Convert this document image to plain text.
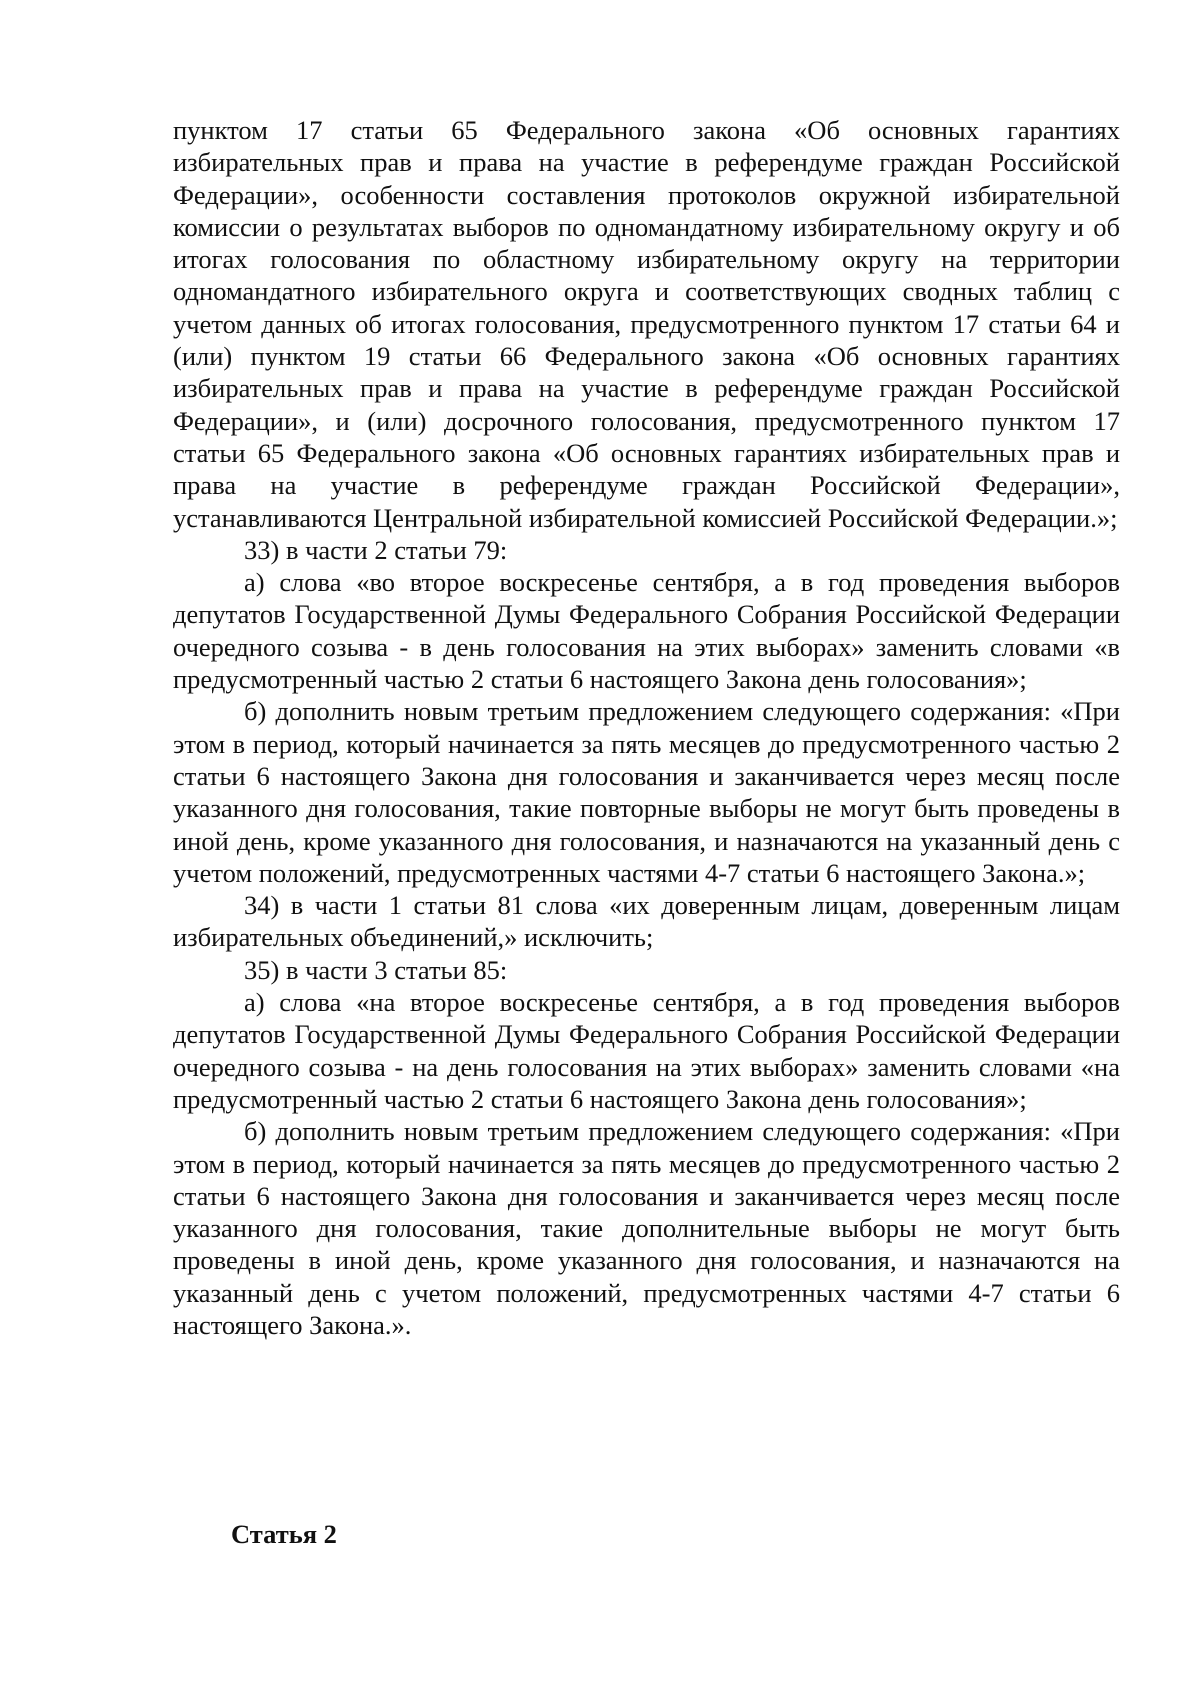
пунктом 17 статьи 65 Федерального закона «Об основных гарантиях избирательных прав и права на участие в референдуме граждан Российской Федерации», особенности составления протоколов окружной избирательной комиссии о результатах выборов по одномандатному избирательному округу и об итогах голосования по областному избирательному округу на территории одномандатного избирательного округа и соответствующих сводных таблиц с учетом данных об итогах голосования, предусмотренного пунктом 17 статьи 64 и (или) пунктом 19 статьи 66 Федерального закона «Об основных гарантиях избирательных прав и права на участие в референдуме граждан Российской Федерации», и (или) досрочного голосования, предусмотренного пунктом 17 статьи 65 Федерального закона «Об основных гарантиях избирательных прав и права на участие в референдуме граждан Российской Федерации», устанавливаются Центральной избирательной комиссией Российской Федерации.»;

33) в части 2 статьи 79:

а) слова «во второе воскресенье сентября, а в год проведения выборов депутатов Государственной Думы Федерального Собрания Российской Федерации очередного созыва - в день голосования на этих выборах» заменить словами «в предусмотренный частью 2 статьи 6 настоящего Закона день голосования»;

б) дополнить новым третьим предложением следующего содержания: «При этом в период, который начинается за пять месяцев до предусмотренного частью 2 статьи 6 настоящего Закона дня голосования и заканчивается через месяц после указанного дня голосования, такие повторные выборы не могут быть проведены в иной день, кроме указанного дня голосования, и назначаются на указанный день с учетом положений, предусмотренных частями 4-7 статьи 6 настоящего Закона.»;

34) в части 1 статьи 81 слова «их доверенным лицам, доверенным лицам избирательных объединений,» исключить;

35) в части 3 статьи 85:

а) слова «на второе воскресенье сентября, а в год проведения выборов депутатов Государственной Думы Федерального Собрания Российской Федерации очередного созыва - на день голосования на этих выборах» заменить словами «на предусмотренный частью 2 статьи 6 настоящего Закона день голосования»;

б) дополнить новым третьим предложением следующего содержания: «При этом в период, который начинается за пять месяцев до предусмотренного частью 2 статьи 6 настоящего Закона дня голосования и заканчивается через месяц после указанного дня голосования, такие дополнительные выборы не могут быть проведены в иной день, кроме указанного дня голосования, и назначаются на указанный день с учетом положений, предусмотренных частями 4-7 статьи 6 настоящего Закона.».

Статья 2
